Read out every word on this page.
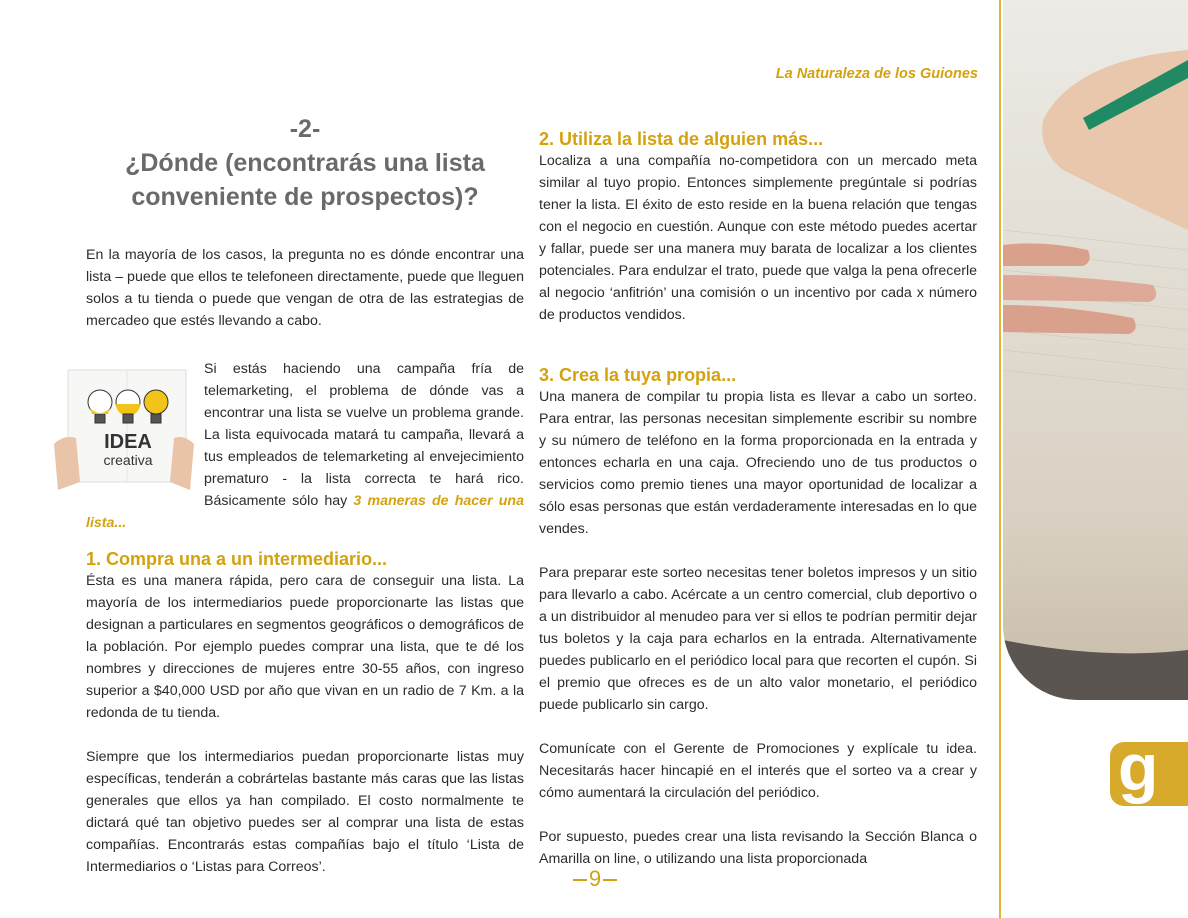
La Naturaleza de los Guiones
-2-
¿Dónde (encontrarás una lista
conveniente de prospectos)?

En la mayoría de los casos, la pregunta no es dónde encontrar una lista – puede que ellos te telefoneen directamente, puede que lleguen solos a tu tienda o puede que vengan de otra de las estrategias de mercadeo que estés llevando a cabo.

IDEA
creativa

Si estás haciendo una campaña fría de telemarketing, el problema de dónde vas a encontrar una lista se vuelve un problema grande. La lista equivocada matará tu campaña, llevará a tus empleados de telemarketing al envejecimiento prematuro - la lista correcta te hará rico. Básicamente sólo hay 3 maneras de hacer una lista...

1. Compra una a un intermediario...

Ésta es una manera rápida, pero cara de conseguir una lista. La mayoría de los intermediarios puede proporcionarte las listas que designan a particulares en segmentos geográficos o demográficos de la población. Por ejemplo puedes comprar una lista, que te dé los nombres y direcciones de mujeres entre 30-55 años, con ingreso superior a $40,000 USD por año que vivan en un radio de 7 Km. a la redonda de tu tienda.

Siempre que los intermediarios puedan proporcionarte listas muy específicas, tenderán a cobrártelas bastante más caras que las listas generales que ellos ya han compilado. El costo normalmente te dictará qué tan objetivo puedes ser al comprar una lista de estas compañías. Encontrarás estas compañías bajo el título ‘Lista de Intermediarios o ‘Listas para Correos’.

2. Utiliza la lista de alguien más...

Localiza a una compañía no-competidora con un mercado meta similar al tuyo propio. Entonces simplemente pregúntale si podrías tener la lista. El éxito de esto reside en la buena relación que tengas con el negocio en cuestión. Aunque con este método puedes acertar y fallar, puede ser una manera muy barata de localizar a los clientes potenciales. Para endulzar el trato, puede que valga la pena ofrecerle al negocio ‘anfitrión’ una comisión o un incentivo por cada x número de productos vendidos.

3. Crea la tuya propia...

Una manera de compilar tu propia lista es llevar a cabo un sorteo. Para entrar, las personas necesitan simplemente escribir su nombre y su número de teléfono en la forma proporcionada en la entrada y entonces echarla en una caja. Ofreciendo uno de tus productos o servicios como premio tienes una mayor oportunidad de localizar a sólo esas personas que están verdaderamente interesadas en lo que vendes.

Para preparar este sorteo necesitas tener boletos impresos y un sitio para llevarlo a cabo. Acércate a un centro comercial, club deportivo o a un distribuidor al menudeo para ver si ellos te podrían permitir dejar tus boletos y la caja para echarlos en la entrada. Alternativamente puedes publicarlo en el periódico local para que recorten el cupón. Si el premio que ofreces es de un alto valor monetario, el periódico puede publicarlo sin cargo.

Comunícate con el Gerente de Promociones y explícale tu idea. Necesitarás hacer hincapié en el interés que el sorteo va a crear y cómo aumentará la circulación del periódico.

Por supuesto, puedes crear una lista revisando la Sección Blanca o Amarilla on line, o utilizando una lista proporcionada

9
g
